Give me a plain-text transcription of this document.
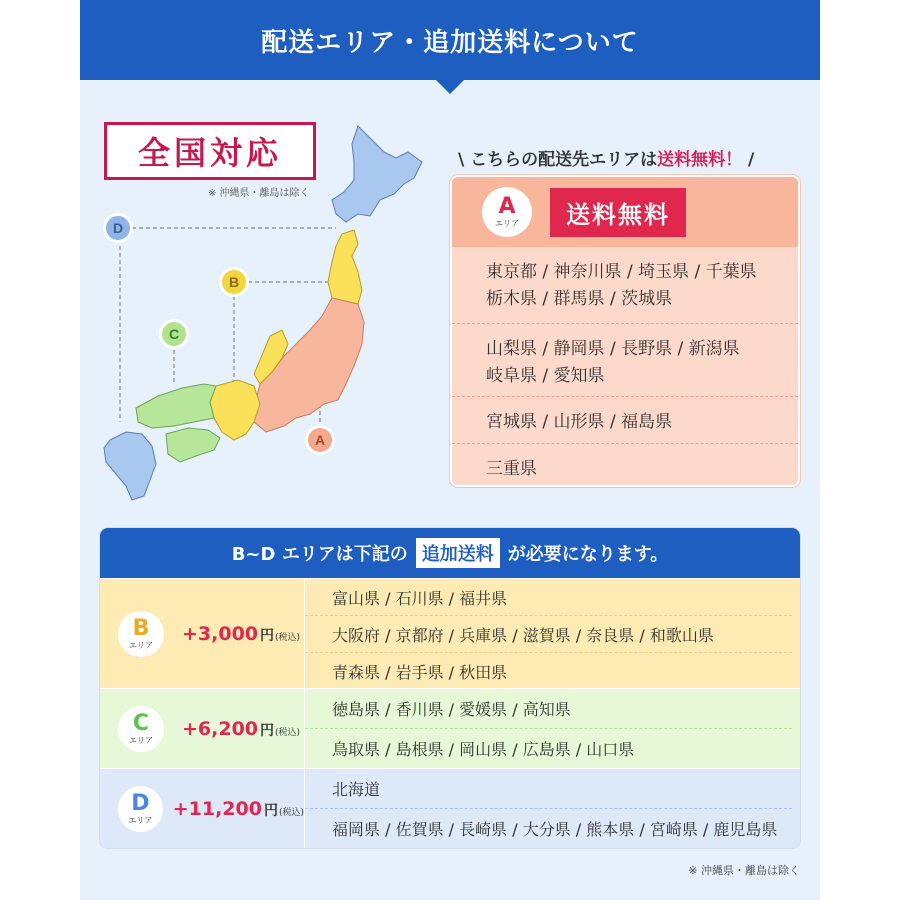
配送エリア・追加送料について
D
B
C
A
全国対応
※ 沖縄県・離島は除く
\ こちらの配送先エリアは送料無料！ /
A
エリア	送料無料
東京都 / 神奈川県 / 埼玉県 / 千葉県
栃木県 / 群馬県 / 茨城県
山梨県 / 静岡県 / 長野県 / 新潟県
岐阜県 / 愛知県
宮城県 / 山形県 / 福島県
三重県
B~D エリアは下記の 追加送料 が必要になります。
B
エリア
+3,000 円 (税込)
富山県 / 石川県 / 福井県
大阪府 / 京都府 / 兵庫県 / 滋賀県 / 奈良県 / 和歌山県
青森県 / 岩手県 / 秋田県
C
エリア
+6,200 円 (税込)
徳島県 / 香川県 / 愛媛県 / 高知県
鳥取県 / 島根県 / 岡山県 / 広島県 / 山口県
D
エリア
+11,200 円 (税込)
北海道
福岡県 / 佐賀県 / 長崎県 / 大分県 / 熊本県 / 宮崎県 / 鹿児島県
※ 沖縄県・離島は除く
